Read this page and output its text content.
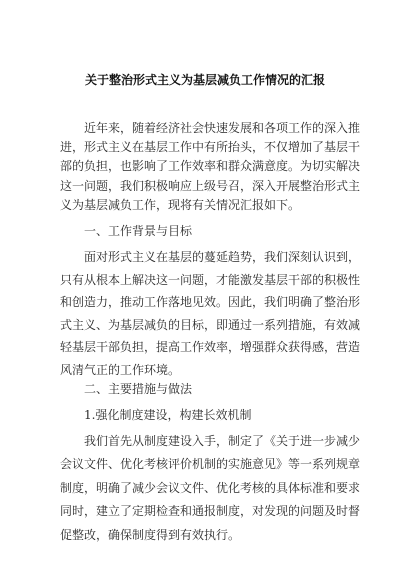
关于整治形式主义为基层减负工作情况的汇报
近年来，随着经济社会快速发展和各项工作的深入推
进，形式主义在基层工作中有所抬头，不仅增加了基层干
部的负担，也影响了工作效率和群众满意度。为切实解决
这一问题，我们积极响应上级号召，深入开展整治形式主
义为基层减负工作，现将有关情况汇报如下。
一、工作背景与目标
面对形式主义在基层的蔓延趋势，我们深刻认识到，
只有从根本上解决这一问题，才能激发基层干部的积极性
和创造力，推动工作落地见效。因此，我们明确了整治形
式主义、为基层减负的目标，即通过一系列措施，有效减
轻基层干部负担，提高工作效率，增强群众获得感，营造
风清气正的工作环境。
二、主要措施与做法
1.强化制度建设，构建长效机制
我们首先从制度建设入手，制定了《关于进一步减少
会议文件、优化考核评价机制的实施意见》等一系列规章
制度，明确了减少会议文件、优化考核的具体标准和要求
同时，建立了定期检查和通报制度，对发现的问题及时督
促整改，确保制度得到有效执行。
